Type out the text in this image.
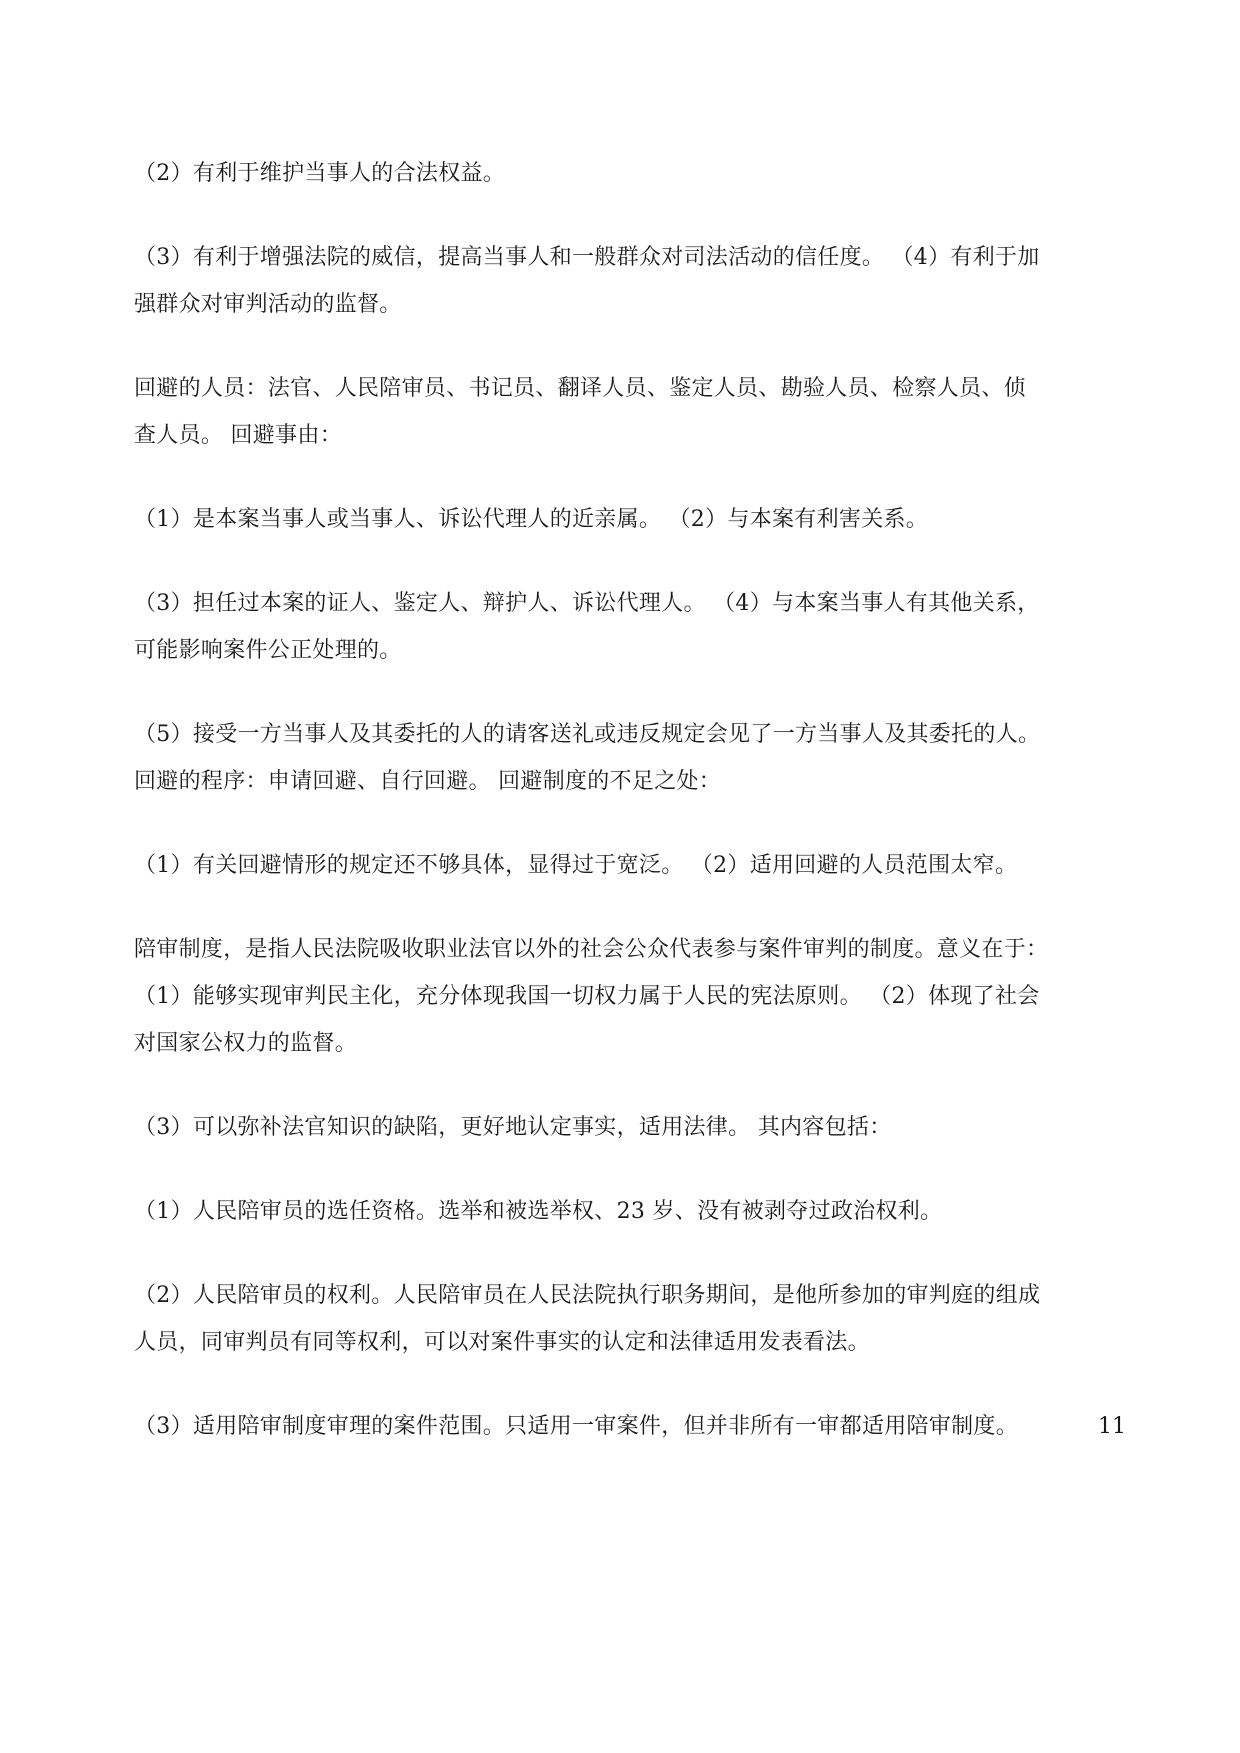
（2）有利于维护当事人的合法权益。

（3）有利于增强法院的威信，提高当事人和一般群众对司法活动的信任度。 （4）有利于加

强群众对审判活动的监督。

回避的人员：法官、人民陪审员、书记员、翻译人员、鉴定人员、勘验人员、检察人员、侦

查人员。 回避事由：

（1）是本案当事人或当事人、诉讼代理人的近亲属。 （2）与本案有利害关系。

（3）担任过本案的证人、鉴定人、辩护人、诉讼代理人。 （4）与本案当事人有其他关系，

可能影响案件公正处理的。

（5）接受一方当事人及其委托的人的请客送礼或违反规定会见了一方当事人及其委托的人。

回避的程序：申请回避、自行回避。 回避制度的不足之处：

（1）有关回避情形的规定还不够具体，显得过于宽泛。 （2）适用回避的人员范围太窄。

陪审制度，是指人民法院吸收职业法官以外的社会公众代表参与案件审判的制度。意义在于：

（1）能够实现审判民主化，充分体现我国一切权力属于人民的宪法原则。 （2）体现了社会

对国家公权力的监督。

（3）可以弥补法官知识的缺陷，更好地认定事实，适用法律。 其内容包括：

（1）人民陪审员的选任资格。选举和被选举权、23 岁、没有被剥夺过政治权利。

（2）人民陪审员的权利。人民陪审员在人民法院执行职务期间，是他所参加的审判庭的组成

人员，同审判员有同等权利，可以对案件事实的认定和法律适用发表看法。

（3）适用陪审制度审理的案件范围。只适用一审案件，但并非所有一审都适用陪审制度。	11
